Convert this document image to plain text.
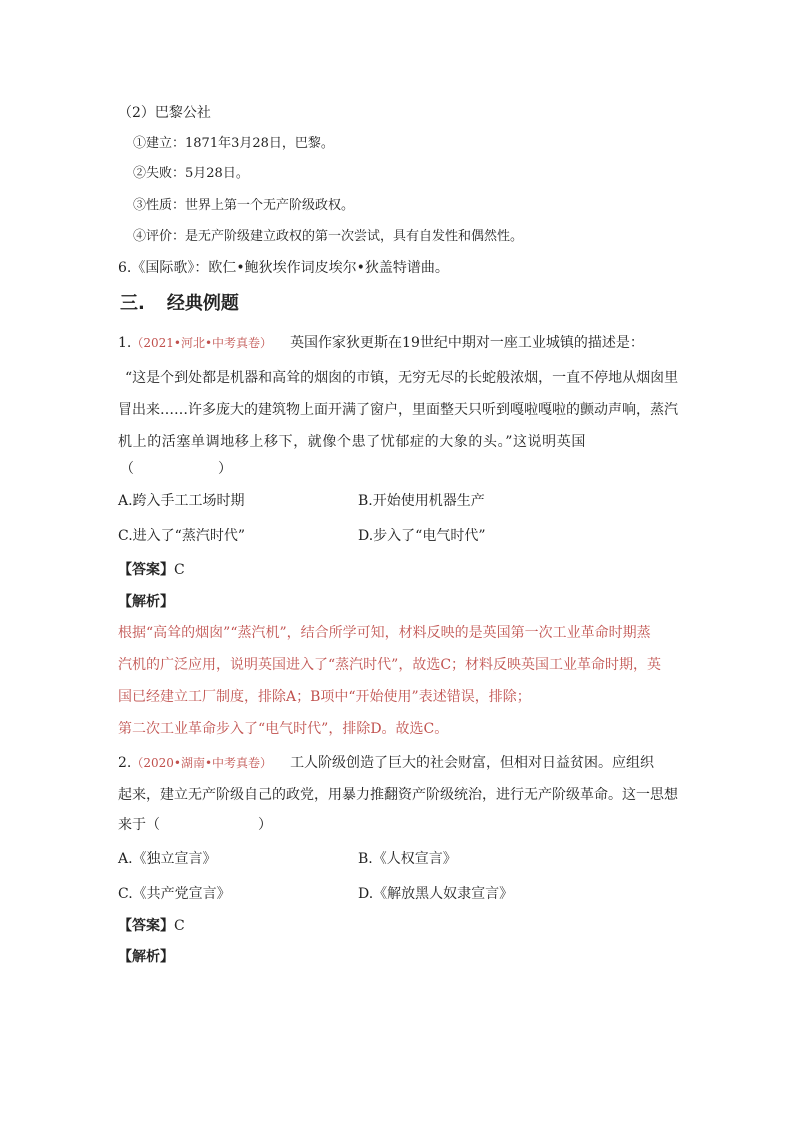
（2）巴黎公社
①建立：1871年3月28日，巴黎。
②失败：5月28日。
③性质：世界上第一个无产阶级政权。
④评价：是无产阶级建立政权的第一次尝试，具有自发性和偶然性。
6.《国际歌》：欧仁•鲍狄埃作词皮埃尔•狄盖特谱曲。
三. 经典例题
1.（2021•河北•中考真卷） 英国作家狄更斯在19世纪中期对一座工业城镇的描述是：
“这是个到处都是机器和高耸的烟囱的市镇，无穷无尽的长蛇般浓烟，一直不停地从烟囱里
冒出来……许多庞大的建筑物上面开满了窗户，里面整天只听到嘎啦嘎啦的颤动声响，蒸汽
机上的活塞单调地移上移下，就像个患了忧郁症的大象的头。”这说明英国
（　　　　　　）
A.跨入手工工场时期	B.开始使用机器生产
C.进入了“蒸汽时代”	D.步入了“电气时代”
【答案】C
【解析】
根据“高耸的烟囱”“蒸汽机”，结合所学可知，材料反映的是英国第一次工业革命时期蒸
汽机的广泛应用，说明英国进入了“蒸汽时代”，故选C；材料反映英国工业革命时期，英
国已经建立工厂制度，排除A；B项中“开始使用”表述错误，排除；
第二次工业革命步入了“电气时代”，排除D。故选C。
2.（2020•湖南•中考真卷） 工人阶级创造了巨大的社会财富，但相对日益贫困。应组织
起来，建立无产阶级自己的政党，用暴力推翻资产阶级统治，进行无产阶级革命。这一思想
来于（　　　　　　　）
A.《独立宣言》	B.《人权宣言》
C.《共产党宣言》	D.《解放黑人奴隶宣言》
【答案】C
【解析】
